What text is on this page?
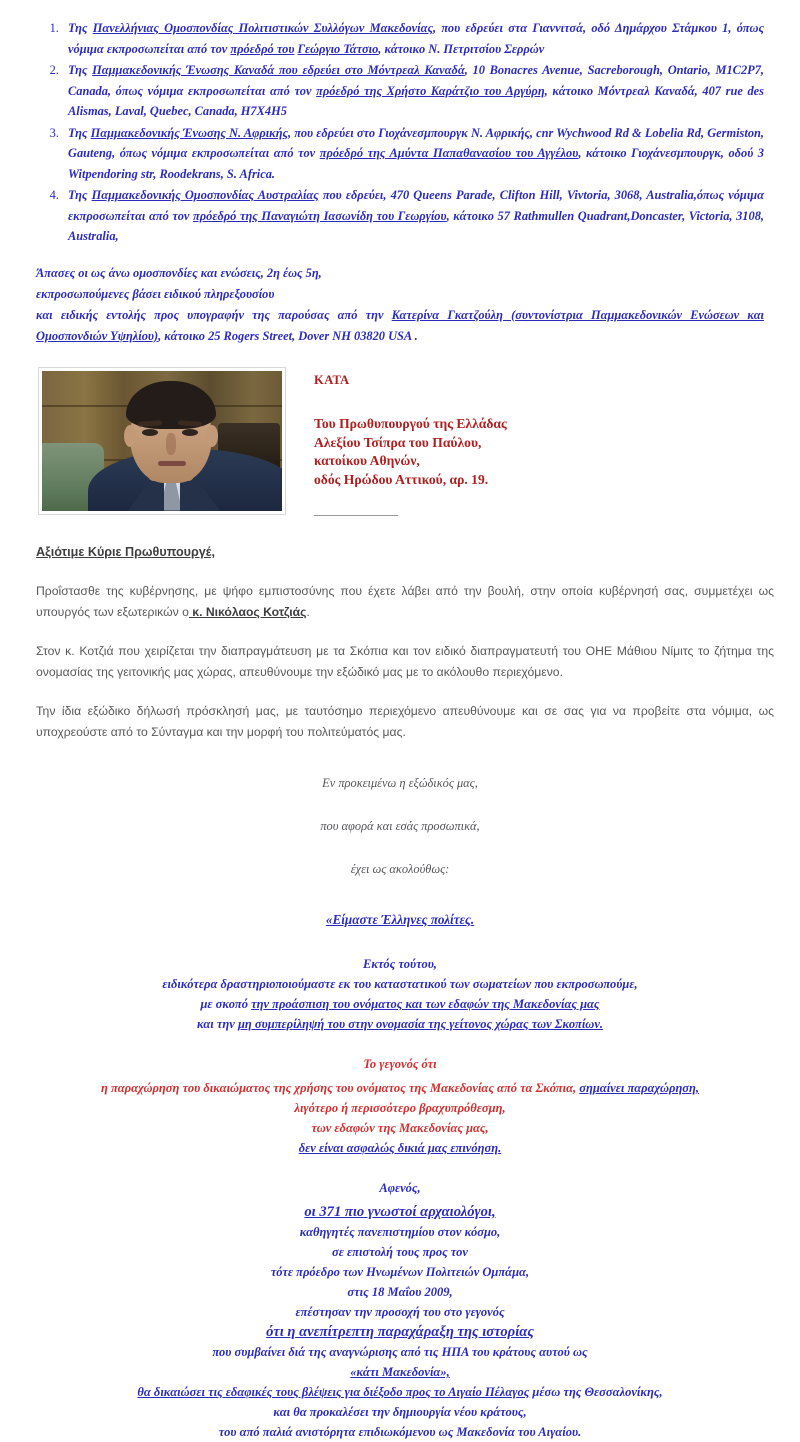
1. Της Πανελλήνιας Ομοσπονδίας Πολιτιστικών Συλλόγων Μακεδονίας, που εδρεύει στα Γιαννιτσά, οδό Δημάρχου Στάμκου 1, όπως νόμιμα εκπροσωπείται από τον πρόεδρό του Γεώργιο Τάτσιο, κάτοικο Ν. Πετριτσίου Σερρών
2. Της Παμμακεδονικής Ένωσης Καναδά που εδρεύει στο Μόντρεαλ Καναδά, 10 Bonacres Avenue, Sacreborough, Ontario, M1C2P7, Canada, όπως νόμιμα εκπροσωπείται από τον πρόεδρό της Χρήστο Καράτζιο του Αργύρη, κάτοικο Μόντρεαλ Καναδά, 407 rue des Alismas, Laval, Quebec, Canada, H7X4H5
3. Της Παμμακεδονικής Ένωσης Ν. Αφρικής, που εδρεύει στο Γιοχάνεσμπουργκ Ν. Αφρικής, cnr Wychwood Rd & Lobelia Rd, Germiston, Gauteng, όπως νόμιμα εκπροσωπείται από τον πρόεδρό της Αμύντα Παπαθανασίου του Αγγέλου, κάτοικο Γιοχάνεσμπουργκ, οδού 3 Witpendoring str, Roodekrans, S. Africa.
4. Της Παμμακεδονικής Ομοσπονδίας Αυστραλίας που εδρεύει, 470 Queens Parade, Clifton Hill, Vivtoria, 3068, Australia,όπως νόμιμα εκπροσωπείται από τον πρόεδρό της Παναγιώτη Ιασωνίδη του Γεωργίου, κάτοικο 57 Rathmullen Quadrant,Doncaster, Victoria, 3108, Australia,
Άπασες οι ως άνω ομοσπονδίες και ενώσεις, 2η έως 5η,
εκπροσωπούμενες βάσει ειδικού πληρεξουσίου
και ειδικής εντολής προς υπογραφήν της παρούσας από την Κατερίνα Γκατζούλη (συντονίστρια Παμμακεδονικών Ενώσεων και Ομοσπονδιών Υψηλίου), κάτοικο 25 Rogers Street, Dover NH 03820 USA .
ΚΑΤΑ
Του Πρωθυπουργού της Ελλάδας
Αλεξίου Τσίπρα του Παύλου,
κατοίκου Αθηνών,
οδός Ηρώδου Αττικού, αρ. 19.
Αξιότιμε Κύριε Πρωθυπουργέ,

Προΐστασθε της κυβέρνησης, με ψήφο εμπιστοσύνης που έχετε λάβει από την βουλή, στην οποία κυβέρνησή σας, συμμετέχει ως υπουργός των εξωτερικών ο κ. Νικόλαος Κοτζιάς.

Στον κ. Κοτζιά που χειρίζεται την διαπραγμάτευση με τα Σκόπια και τον ειδικό διαπραγματευτή του ΟΗΕ Μάθιου Νίμιτς το ζήτημα της ονομασίας της γειτονικής μας χώρας, απευθύνουμε την εξώδικό μας με το ακόλουθο περιεχόμενο.

Την ίδια εξώδικο δήλωσή πρόσκλησή μας, με ταυτόσημο περιεχόμενο απευθύνουμε και σε σας για να προβείτε στα νόμιμα, ως υποχρεούστε από το Σύνταγμα και την μορφή του πολιτεύματός μας.

Εν προκειμένω η εξώδικός μας,
που αφορά και εσάς προσωπικά,
έχει ως ακολούθως:
«Είμαστε Έλληνες πολίτες.
Εκτός τούτου,
ειδικότερα δραστηριοποιούμαστε εκ του καταστατικού των σωματείων που εκπροσωπούμε,
με σκοπό την προάσπιση του ονόματος και των εδαφών της Μακεδονίας μας
και την μη συμπερίληψή του στην ονομασία της γείτονος χώρας των Σκοπίων.
Το γεγονός ότι
η παραχώρηση του δικαιώματος της χρήσης του ονόματος της Μακεδονίας από τα Σκόπια, σημαίνει παραχώρηση,
λιγότερο ή περισσότερο βραχυπρόθεσμη,
των εδαφών της Μακεδονίας μας,
δεν είναι ασφαλώς δικιά μας επινόηση.
Αφενός,
οι 371 πιο γνωστοί αρχαιολόγοι,
καθηγητές πανεπιστημίου στον κόσμο,
σε επιστολή τους προς τον
τότε πρόεδρο των Ηνωμένων Πολιτειών Ομπάμα,
στις 18 Μαΐου 2009,
επέστησαν την προσοχή του στο γεγονός
ότι η ανεπίτρεπτη παραχάραξη της ιστορίας
που συμβαίνει διά της αναγνώρισης από τις ΗΠΑ του κράτους αυτού ως
«κάτι Μακεδονία»,
θα δικαιώσει τις εδαφικές τους βλέψεις για διέξοδο προς το Αιγαίο Πέλαγος μέσω της Θεσσαλονίκης,
και θα προκαλέσει την δημιουργία νέου κράτους,
του από παλιά ανιστόρητα επιδιωκόμενου ως Μακεδονία του Αιγαίου.
